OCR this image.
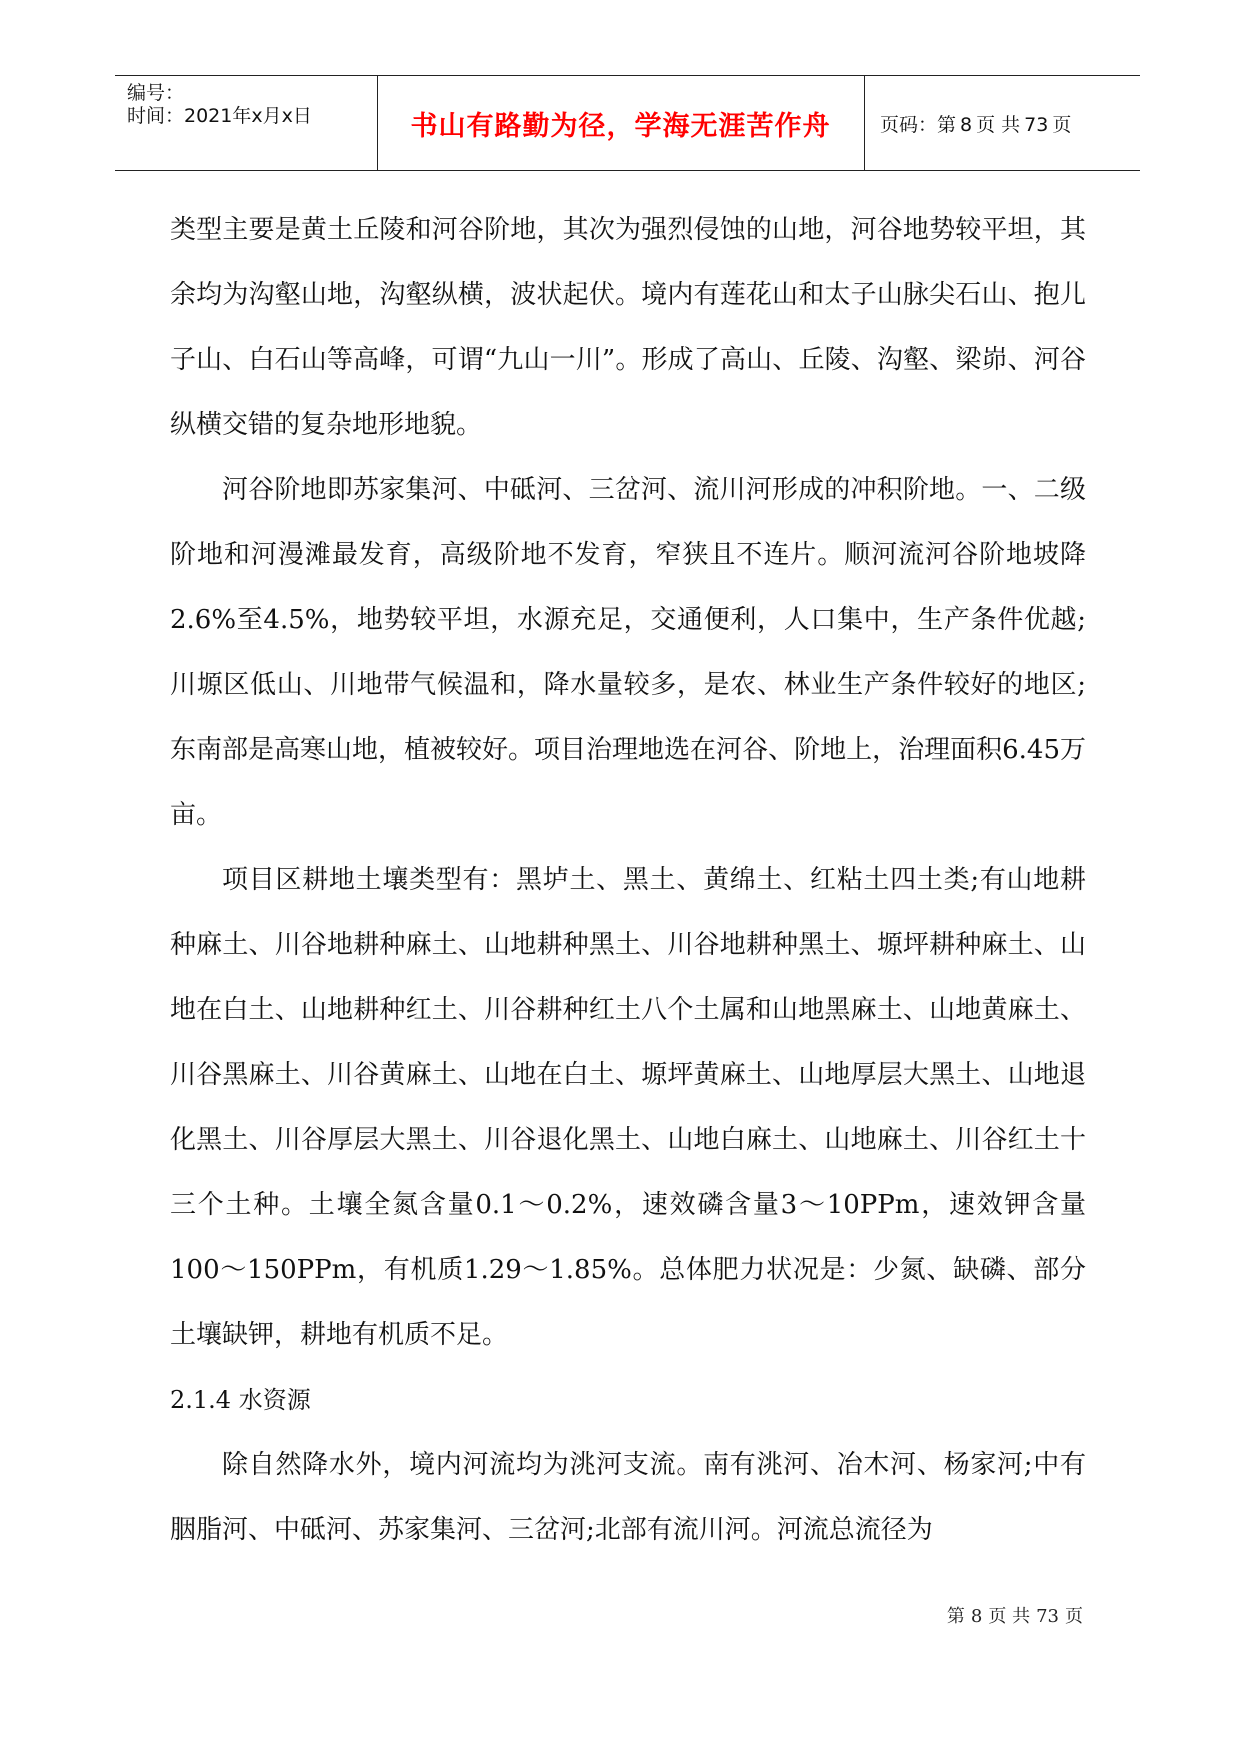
编号：
时间：2021年x月x日	书山有路勤为径，学海无涯苦作舟	页码：第 8 页 共 73 页

类型主要是黄土丘陵和河谷阶地，其次为强烈侵蚀的山地，河谷地势较平坦，其余均为沟壑山地，沟壑纵横，波状起伏。境内有莲花山和太子山脉尖石山、抱儿子山、白石山等高峰，可谓“九山一川”。形成了高山、丘陵、沟壑、梁峁、河谷纵横交错的复杂地形地貌。

河谷阶地即苏家集河、中砥河、三岔河、流川河形成的冲积阶地。一、二级阶地和河漫滩最发育，高级阶地不发育，窄狭且不连片。顺河流河谷阶地坡降2.6%至4.5%，地势较平坦，水源充足，交通便利，人口集中，生产条件优越;川塬区低山、川地带气候温和，降水量较多，是农、林业生产条件较好的地区;东南部是高寒山地，植被较好。项目治理地选在河谷、阶地上，治理面积6.45万亩。

项目区耕地土壤类型有：黑垆土、黑土、黄绵土、红粘土四土类;有山地耕种麻土、川谷地耕种麻土、山地耕种黑土、川谷地耕种黑土、塬坪耕种麻土、山地在白土、山地耕种红土、川谷耕种红土八个土属和山地黑麻土、山地黄麻土、川谷黑麻土、川谷黄麻土、山地在白土、塬坪黄麻土、山地厚层大黑土、山地退化黑土、川谷厚层大黑土、川谷退化黑土、山地白麻土、山地麻土、川谷红土十三个土种。土壤全氮含量0.1～0.2%，速效磷含量3～10PPm，速效钾含量100～150PPm，有机质1.29～1.85%。总体肥力状况是：少氮、缺磷、部分土壤缺钾，耕地有机质不足。

2.1.4 水资源

除自然降水外，境内河流均为洮河支流。南有洮河、冶木河、杨家河;中有胭脂河、中砥河、苏家集河、三岔河;北部有流川河。河流总流径为

第 8 页 共 73 页
